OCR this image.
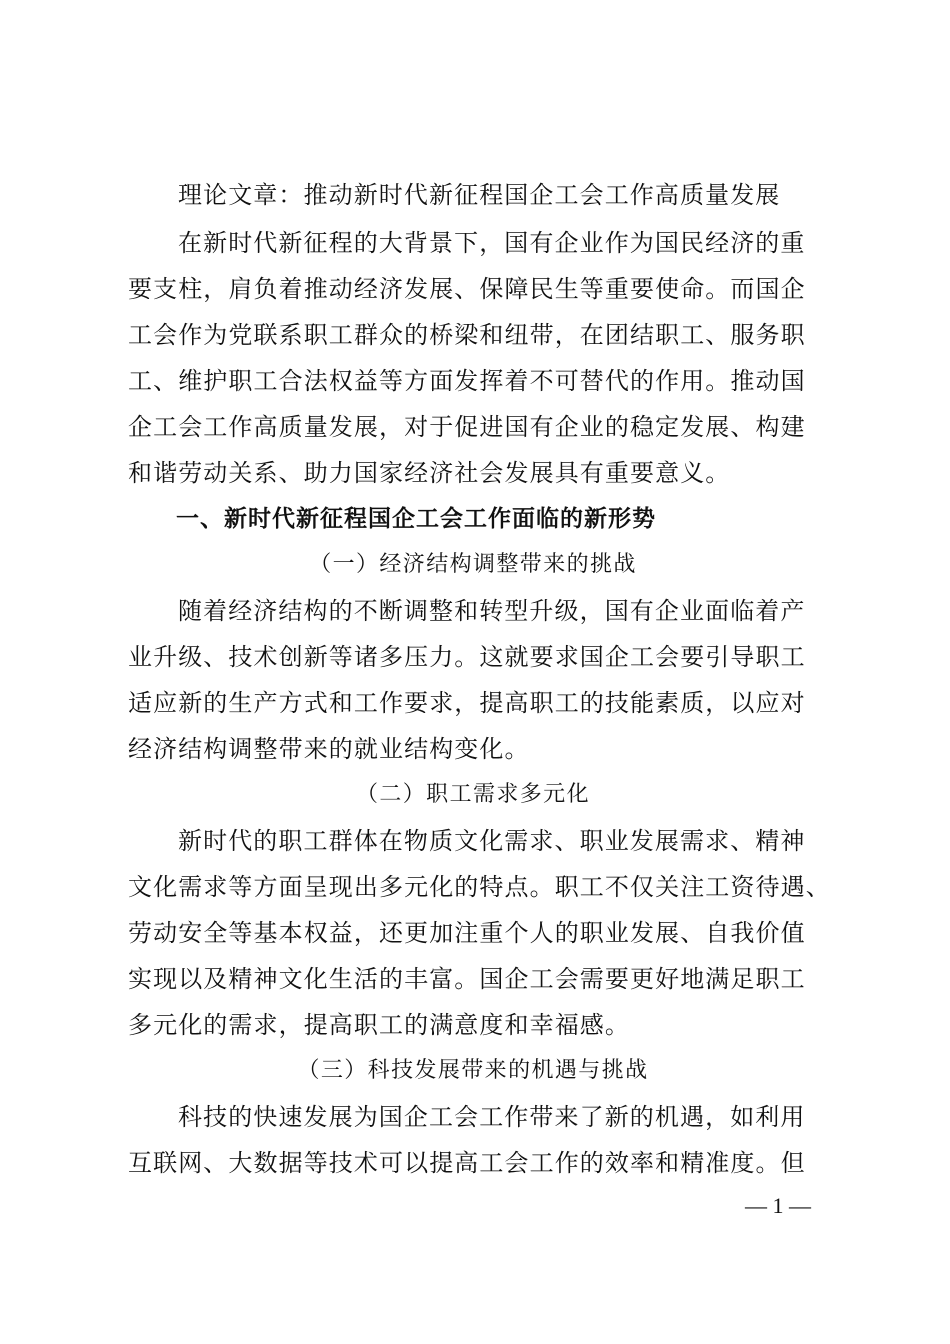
理论文章：推动新时代新征程国企工会工作高质量发展

在新时代新征程的大背景下，国有企业作为国民经济的重

要支柱，肩负着推动经济发展、保障民生等重要使命。而国企

工会作为党联系职工群众的桥梁和纽带，在团结职工、服务职

工、维护职工合法权益等方面发挥着不可替代的作用。推动国

企工会工作高质量发展，对于促进国有企业的稳定发展、构建

和谐劳动关系、助力国家经济社会发展具有重要意义。

一、新时代新征程国企工会工作面临的新形势

（一）经济结构调整带来的挑战

随着经济结构的不断调整和转型升级，国有企业面临着产

业升级、技术创新等诸多压力。这就要求国企工会要引导职工

适应新的生产方式和工作要求，提高职工的技能素质，以应对

经济结构调整带来的就业结构变化。

（二）职工需求多元化

新时代的职工群体在物质文化需求、职业发展需求、精神

文化需求等方面呈现出多元化的特点。职工不仅关注工资待遇、

劳动安全等基本权益，还更加注重个人的职业发展、自我价值

实现以及精神文化生活的丰富。国企工会需要更好地满足职工

多元化的需求，提高职工的满意度和幸福感。

（三）科技发展带来的机遇与挑战

科技的快速发展为国企工会工作带来了新的机遇，如利用

互联网、大数据等技术可以提高工会工作的效率和精准度。但

— 1 —
